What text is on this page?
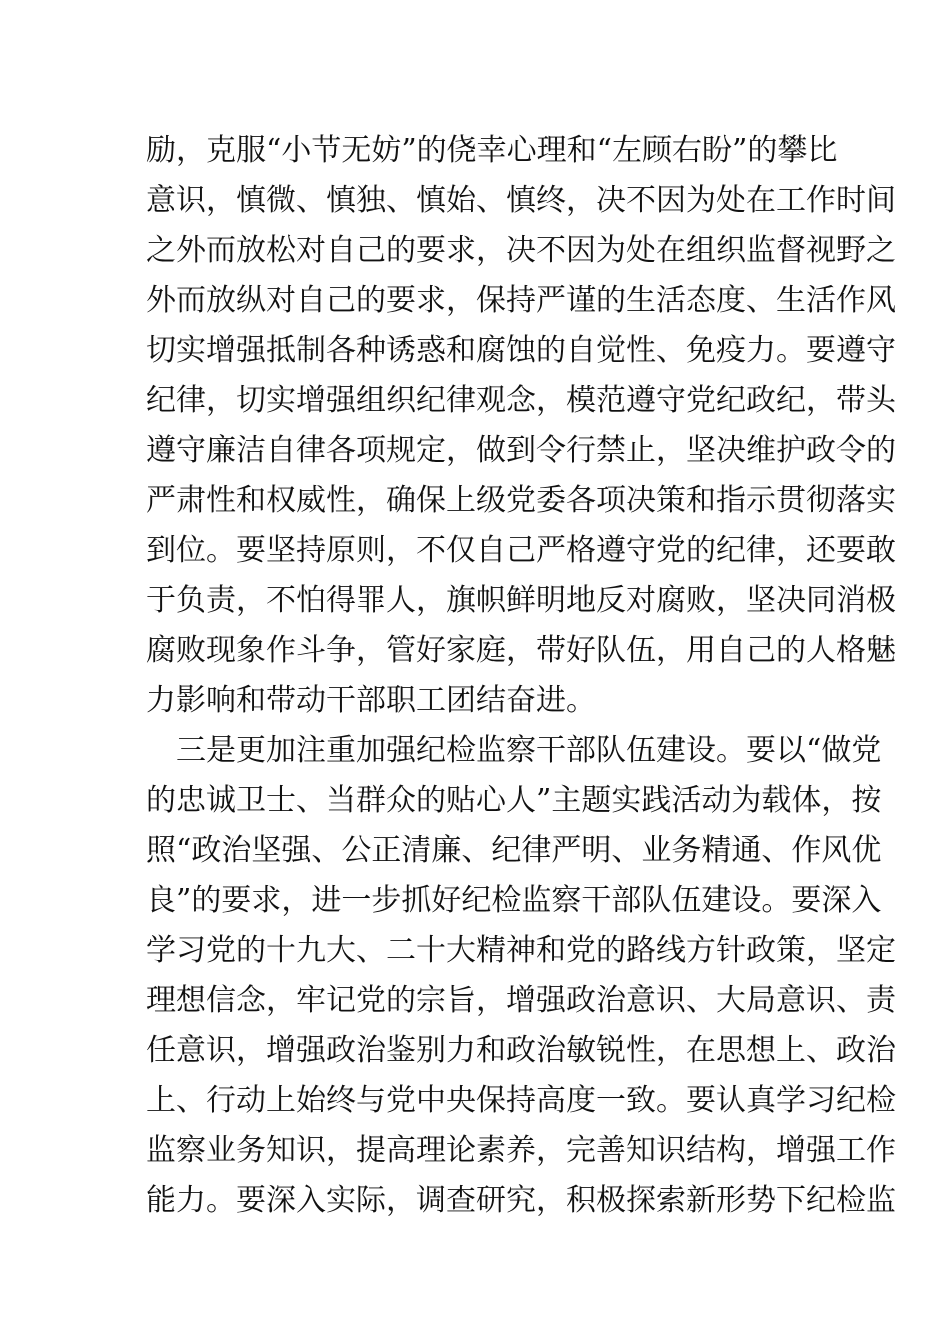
励，克服“小节无妨”的侥幸心理和“左顾右盼”的攀比
意识，慎微、慎独、慎始、慎终，决不因为处在工作时间
之外而放松对自己的要求，决不因为处在组织监督视野之
外而放纵对自己的要求，保持严谨的生活态度、生活作风
切实增强抵制各种诱惑和腐蚀的自觉性、免疫力。要遵守
纪律，切实增强组织纪律观念，模范遵守党纪政纪，带头
遵守廉洁自律各项规定，做到令行禁止，坚决维护政令的
严肃性和权威性，确保上级党委各项决策和指示贯彻落实
到位。要坚持原则，不仅自己严格遵守党的纪律，还要敢
于负责，不怕得罪人，旗帜鲜明地反对腐败，坚决同消极
腐败现象作斗争，管好家庭，带好队伍，用自己的人格魅
力影响和带动干部职工团结奋进。
　三是更加注重加强纪检监察干部队伍建设。要以“做党
的忠诚卫士、当群众的贴心人”主题实践活动为载体，按
照“政治坚强、公正清廉、纪律严明、业务精通、作风优
良”的要求，进一步抓好纪检监察干部队伍建设。要深入
学习党的十九大、二十大精神和党的路线方针政策，坚定
理想信念，牢记党的宗旨，增强政治意识、大局意识、责
任意识，增强政治鉴别力和政治敏锐性，在思想上、政治
上、行动上始终与党中央保持高度一致。要认真学习纪检
监察业务知识，提高理论素养，完善知识结构，增强工作
能力。要深入实际，调查研究，积极探索新形势下纪检监
